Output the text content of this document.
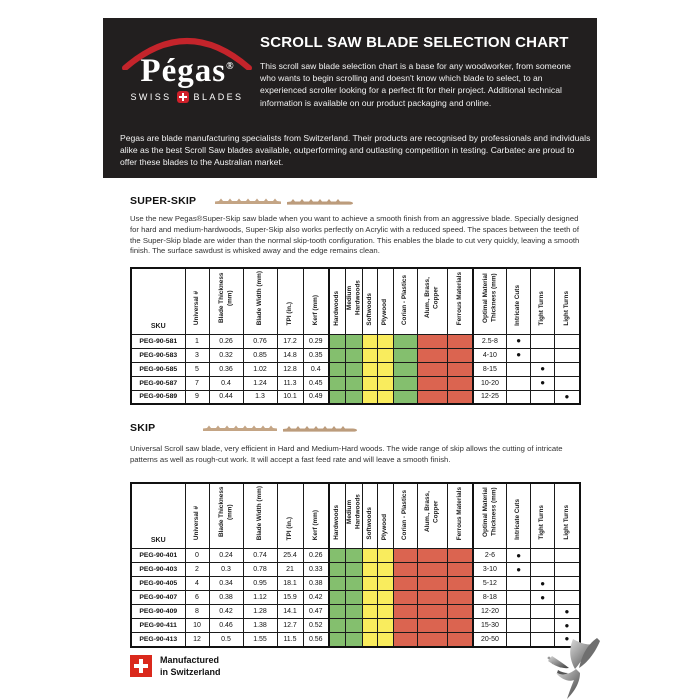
Pégas®
SWISS BLADES
SCROLL SAW BLADE SELECTION CHART

This scroll saw blade selection chart is a base for any woodworker, from someone who wants to begin scrolling and doesn't know which blade to select, to an experienced scroller looking for a perfect fit for their project. Additional technical information is available on our product packaging and online.

Pegas are blade manufacturing specialists from Switzerland. Their products are recognised by professionals and individuals alike as the best Scroll Saw blades available, outperforming and outlasting competition in testing. Carbatec are proud to offer these blades to the Australian market.

SUPER-SKIP

Use the new Pegas®Super-Skip saw blade when you want to achieve a smooth finish from an aggressive blade. Specially designed for hard and medium-hardwoods, Super-Skip also works perfectly on Acrylic with a reduced speed. The spaces between the teeth of the Super-Skip blade are wider than the normal skip-tooth configuration. This enables the blade to cut very quickly, leaving a smooth finish. The surface sawdust is whisked away and the edge remains clean.

SKU	Universal #	Blade Thickness (mm)	Blade Width (mm)	TPI (in.)	Kerf (mm)	Hardwoods	Medium Hardwoods	Softwoods	Plywood	Corian - Plastics	Alum., Brass, Copper	Ferrous Materials	Optimal Material Thickness (mm)	Intricate Cuts	Tight Turns	Light Turns
PEG-90-581	1	0.26	0.76	17.2	0.29								2.5-8	●		
PEG-90-583	3	0.32	0.85	14.8	0.35								4-10	●		
PEG-90-585	5	0.36	1.02	12.8	0.4								8-15		●	
PEG-90-587	7	0.4	1.24	11.3	0.45								10-20		●	
PEG-90-589	9	0.44	1.3	10.1	0.49								12-25			●
SKIP

Universal Scroll saw blade, very efficient in Hard and Medium-Hard woods. The wide range of skip allows the cutting of intricate patterns as well as rough-cut work. It will accept a fast feed rate and will leave a smooth finish.

SKU	Universal #	Blade Thickness (mm)	Blade Width (mm)	TPI (in.)	Kerf (mm)	Hardwoods	Medium Hardwoods	Softwoods	Plywood	Corian - Plastics	Alum., Brass, Copper	Ferrous Materials	Optimal Material Thickness (mm)	Intricate Cuts	Tight Turns	Light Turns
PEG-90-401	0	0.24	0.74	25.4	0.26								2-6	●		
PEG-90-403	2	0.3	0.78	21	0.33								3-10	●		
PEG-90-405	4	0.34	0.95	18.1	0.38								5-12		●	
PEG-90-407	6	0.38	1.12	15.9	0.42								8-18		●	
PEG-90-409	8	0.42	1.28	14.1	0.47								12-20			●
PEG-90-411	10	0.46	1.38	12.7	0.52								15-30			●
PEG-90-413	12	0.5	1.55	11.5	0.56								20-50			●
Manufactured
in Switzerland
